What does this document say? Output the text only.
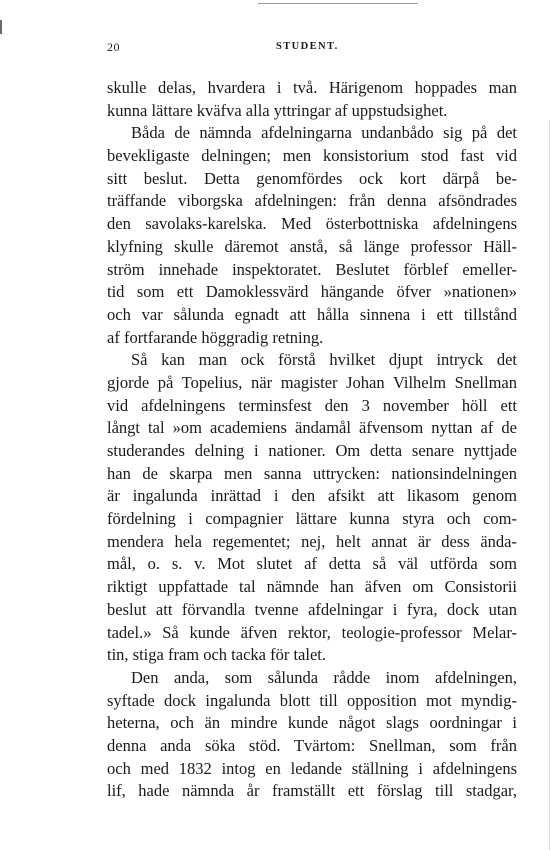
20	STUDENT.
skulle delas, hvardera i två. Härigenom hoppades man
kunna lättare kväfva alla yttringar af uppstudsighet.
Båda de nämnda afdelningarna undanbådo sig på det
bevekligaste delningen; men konsistorium stod fast vid
sitt beslut. Detta genomfördes ock kort därpå be-
träffande viborgska afdelningen: från denna afsöndrades
den savolaks-karelska. Med österbottniska afdelningens
klyfning skulle däremot anstå, så länge professor Häll-
ström innehade inspektoratet. Beslutet förblef emeller-
tid som ett Damoklessvärd hängande öfver »nationen»
och var sålunda egnadt att hålla sinnena i ett tillstånd
af fortfarande höggradig retning.
Så kan man ock förstå hvilket djupt intryck det
gjorde på Topelius, när magister Johan Vilhelm Snellman
vid afdelningens terminsfest den 3 november höll ett
långt tal »om academiens ändamål äfvensom nyttan af de
studerandes delning i nationer. Om detta senare nyttjade
han de skarpa men sanna uttrycken: nationsindelningen
är ingalunda inrättad i den afsikt att likasom genom
fördelning i compagnier lättare kunna styra och com-
mendera hela regementet; nej, helt annat är dess ända-
mål, o. s. v. Mot slutet af detta så väl utförda som
riktigt uppfattade tal nämnde han äfven om Consistorii
beslut att förvandla tvenne afdelningar i fyra, dock utan
tadel.» Så kunde äfven rektor, teologie-professor Melar-
tin, stiga fram och tacka för talet.
Den anda, som sålunda rådde inom afdelningen,
syftade dock ingalunda blott till opposition mot myndig-
heterna, och än mindre kunde något slags oordningar i
denna anda söka stöd. Tvärtom: Snellman, som från
och med 1832 intog en ledande ställning i afdelningens
lif, hade nämnda år framställt ett förslag till stadgar,
